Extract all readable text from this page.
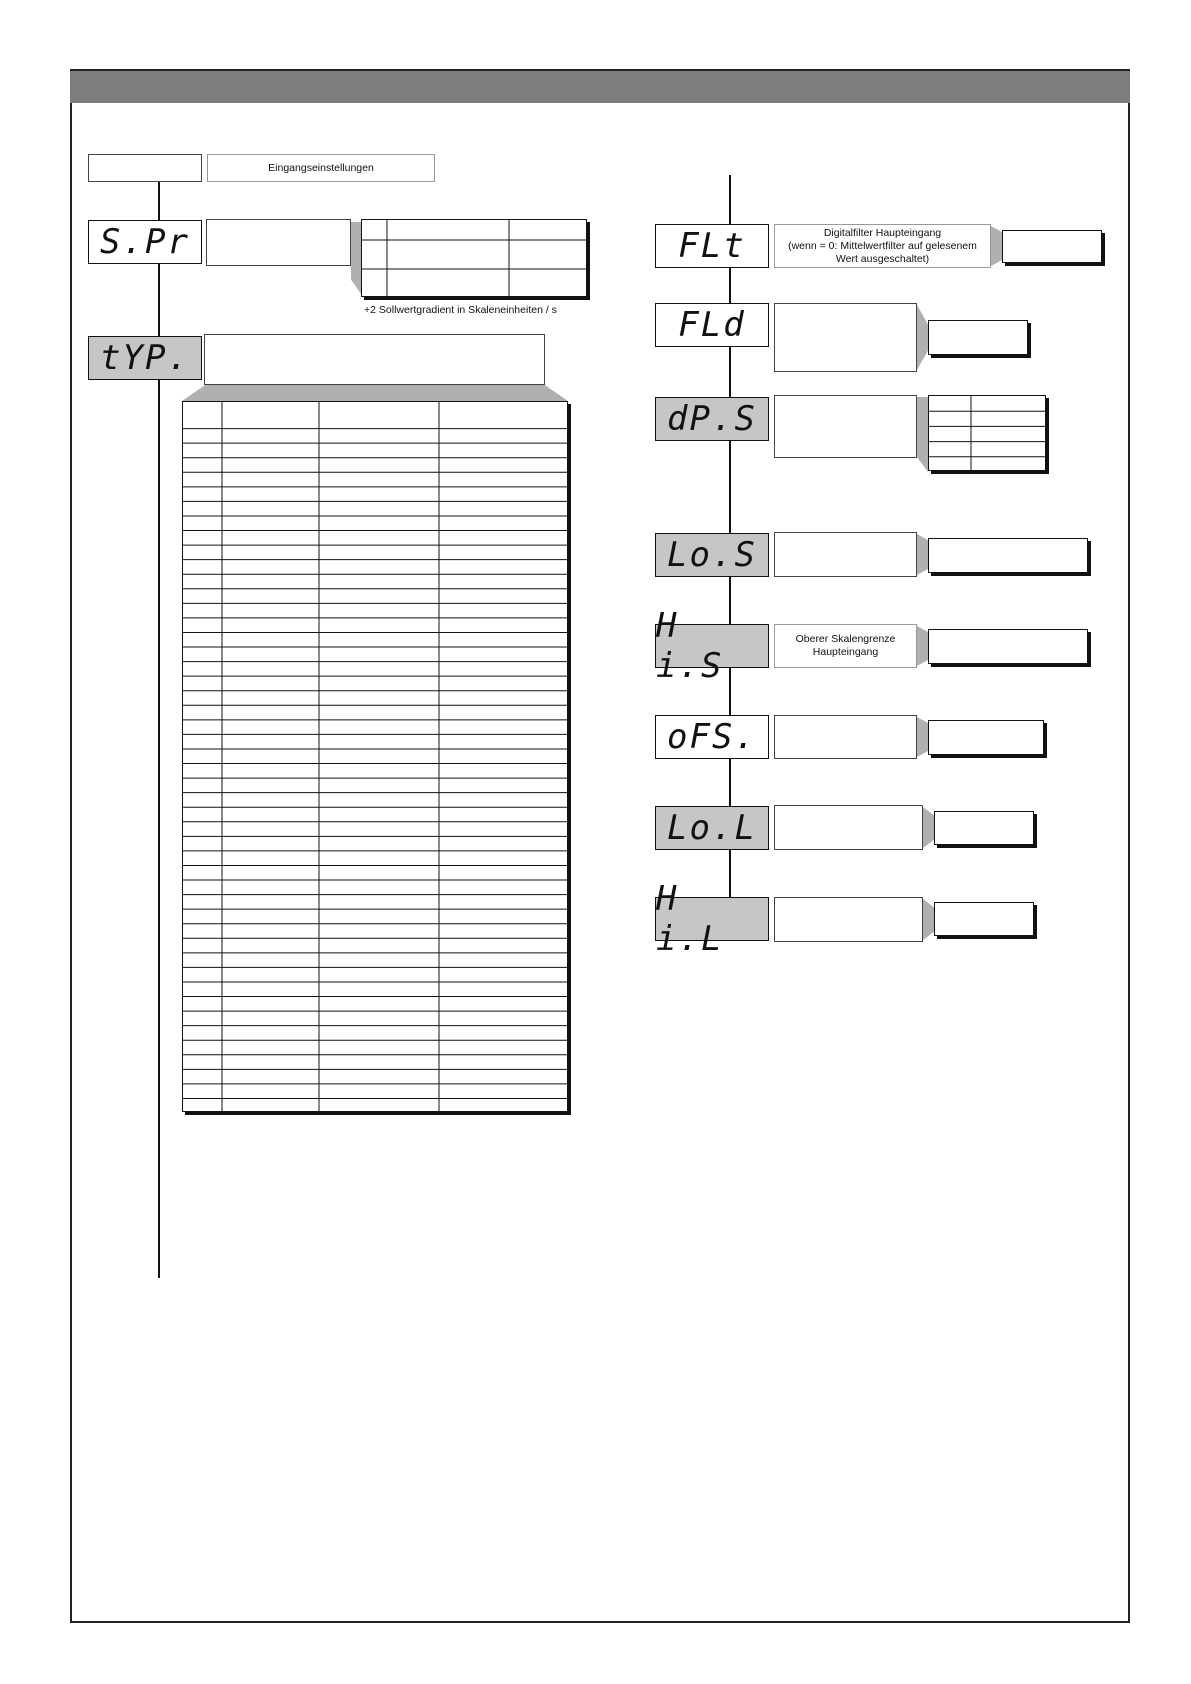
Eingangseinstellungen
S.Pr
+2 Sollwertgradient in Skaleneinheiten / s
tYP.
FLt	Digitalfilter Haupteingang
(wenn = 0: Mittelwertfilter auf gelesenem
Wert ausgeschaltet)
FLd
dP.S
Lo.S
H i.S
Oberer Skalengrenze
Haupteingang
oFS.
Lo.L
H i.L
